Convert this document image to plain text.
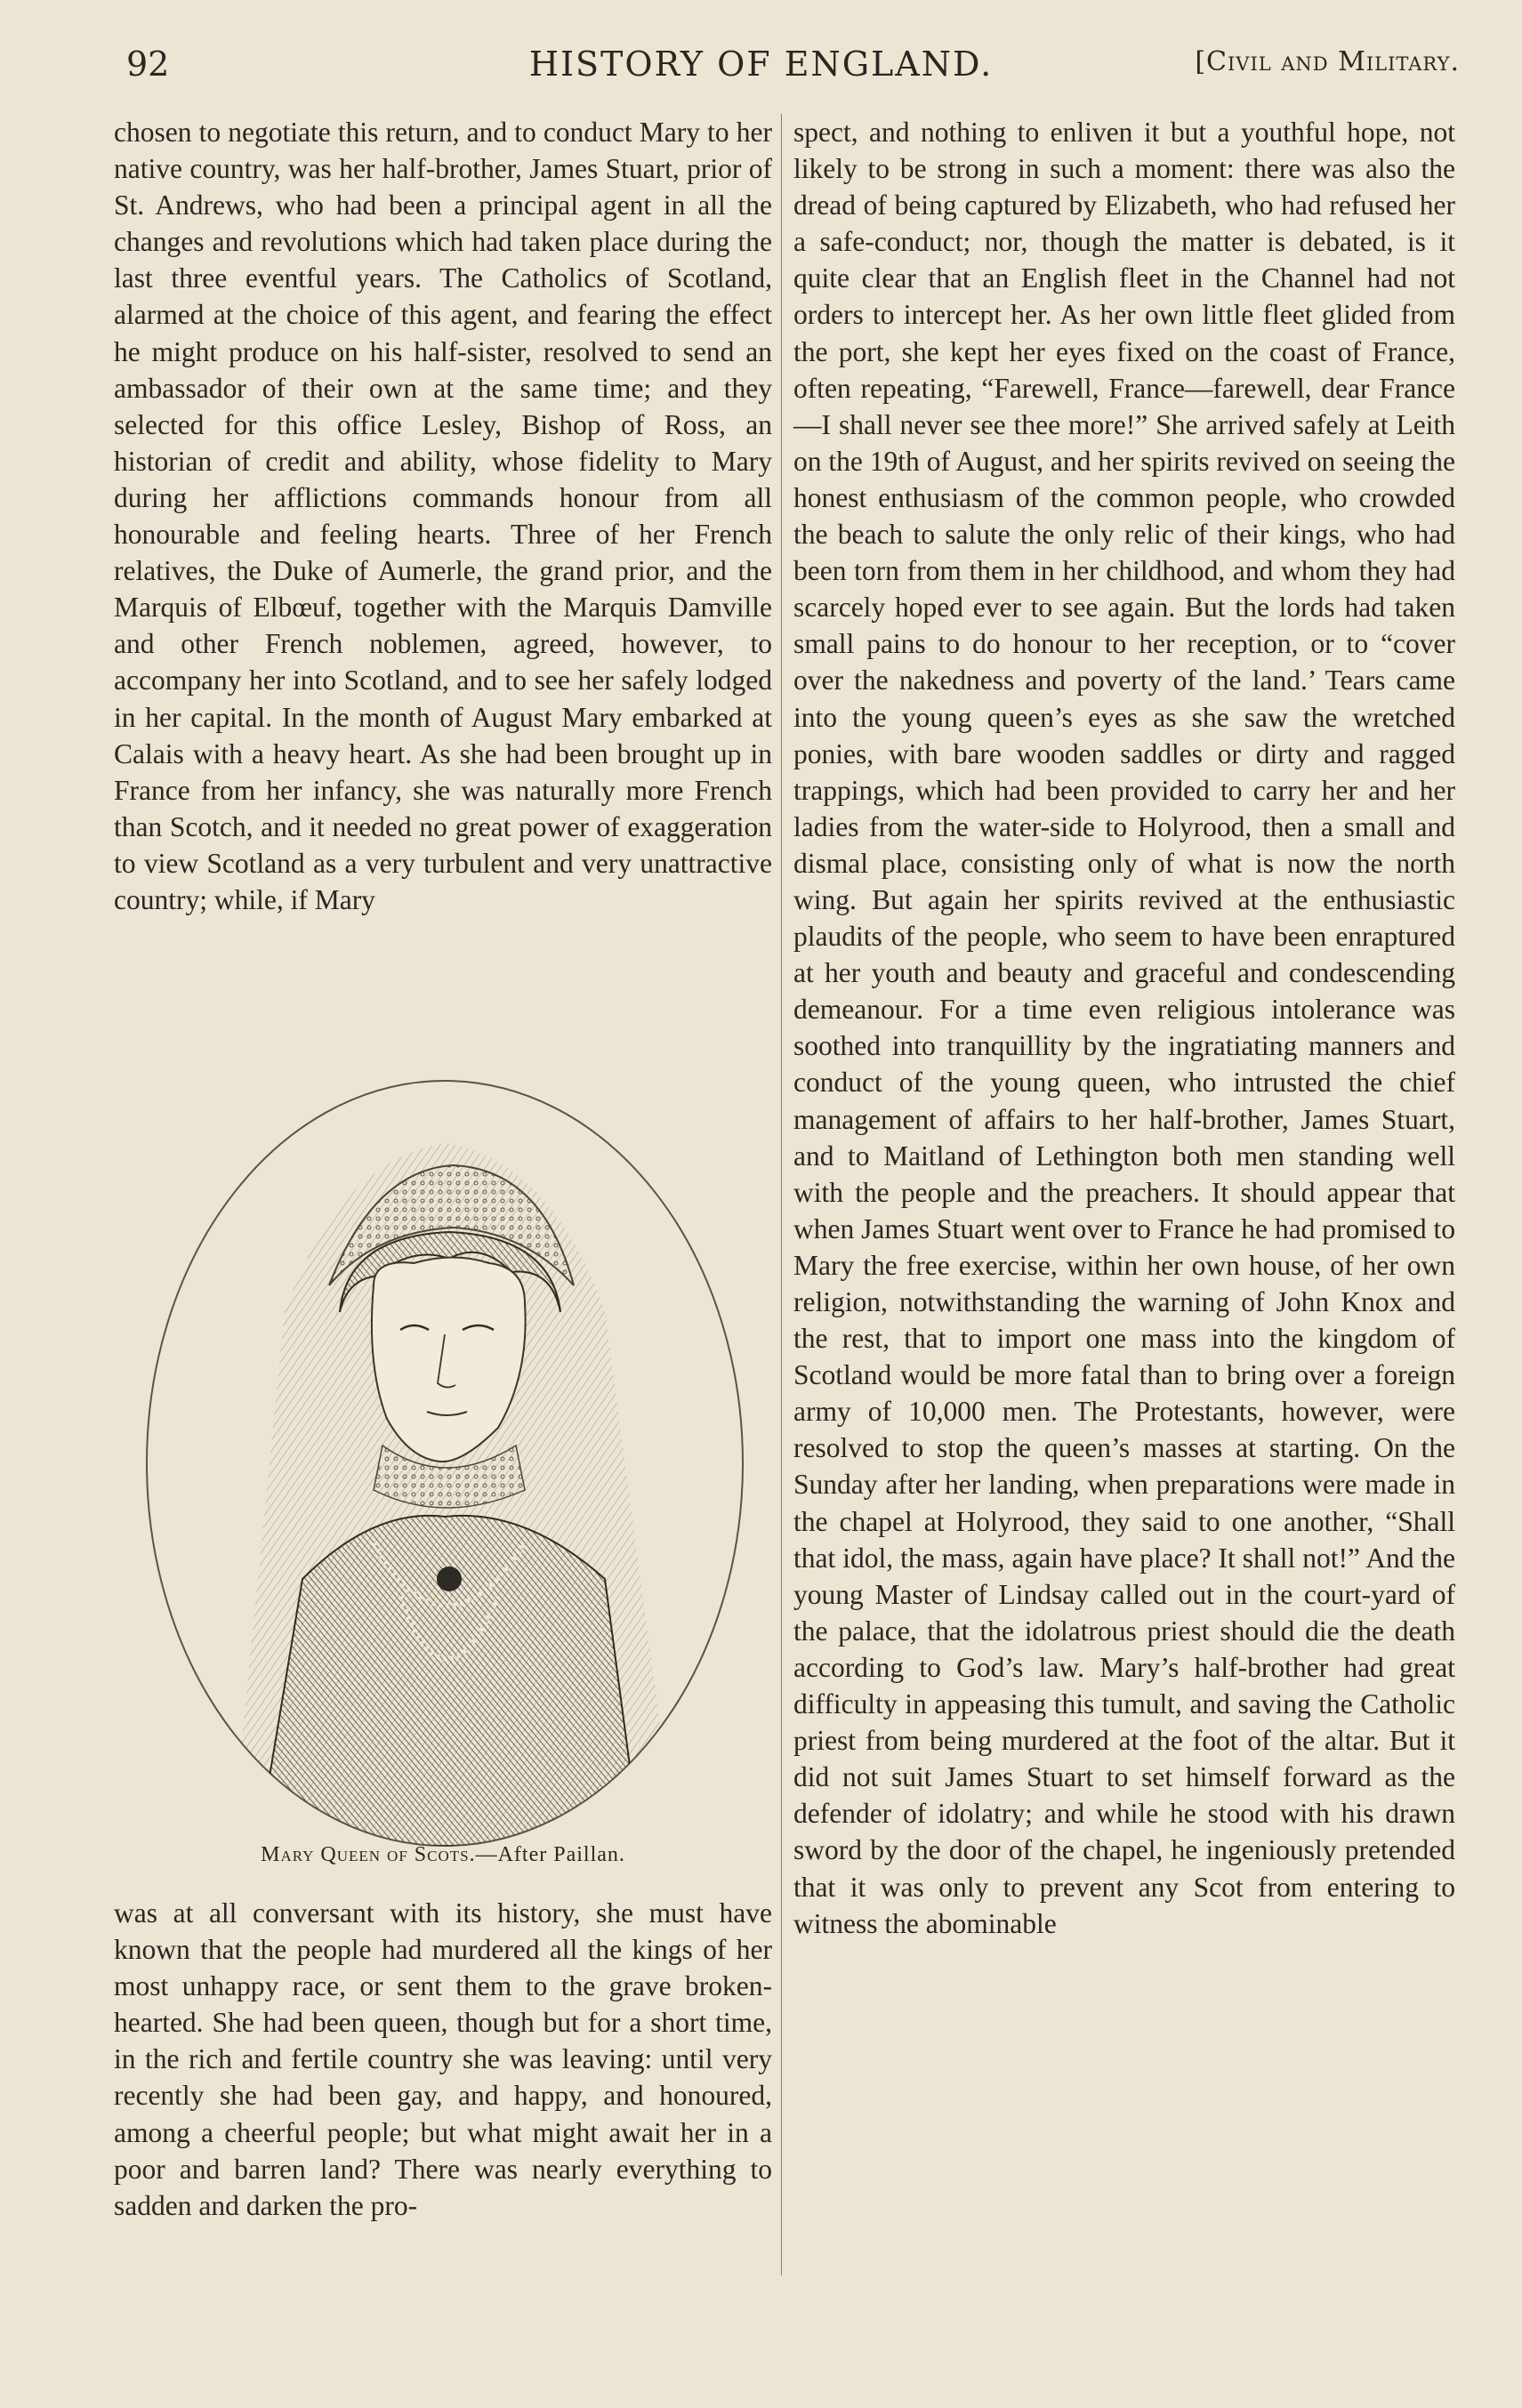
92	HISTORY OF ENGLAND.	[Civil and Military.

chosen to negotiate this return, and to conduct Mary to her native country, was her half-brother, James Stuart, prior of St. Andrews, who had been a principal agent in all the changes and revolutions which had taken place during the last three eventful years. The Catholics of Scotland, alarmed at the choice of this agent, and fearing the effect he might produce on his half-sister, resolved to send an ambassador of their own at the same time; and they selected for this office Lesley, Bishop of Ross, an historian of credit and ability, whose fidelity to Mary during her afflictions commands honour from all honourable and feeling hearts. Three of her French relatives, the Duke of Aumerle, the grand prior, and the Marquis of Elbœuf, together with the Marquis Damville and other French noblemen, agreed, however, to accompany her into Scotland, and to see her safely lodged in her capital. In the month of August Mary embarked at Calais with a heavy heart. As she had been brought up in France from her infancy, she was naturally more French than Scotch, and it needed no great power of exaggeration to view Scotland as a very turbulent and very unattractive country; while, if Mary

Mary Queen of Scots.—After Paillan.

was at all conversant with its history, she must have known that the people had murdered all the kings of her most unhappy race, or sent them to the grave broken-hearted. She had been queen, though but for a short time, in the rich and fertile country she was leaving: until very recently she had been gay, and happy, and honoured, among a cheerful people; but what might await her in a poor and barren land? There was nearly everything to sadden and darken the pro-

spect, and nothing to enliven it but a youthful hope, not likely to be strong in such a moment: there was also the dread of being captured by Elizabeth, who had refused her a safe-conduct; nor, though the matter is debated, is it quite clear that an English fleet in the Channel had not orders to intercept her. As her own little fleet glided from the port, she kept her eyes fixed on the coast of France, often repeating, “Farewell, France—farewell, dear France—I shall never see thee more!” She arrived safely at Leith on the 19th of August, and her spirits revived on seeing the honest enthusiasm of the common people, who crowded the beach to salute the only relic of their kings, who had been torn from them in her childhood, and whom they had scarcely hoped ever to see again. But the lords had taken small pains to do honour to her reception, or to “cover over the nakedness and poverty of the land.’ Tears came into the young queen’s eyes as she saw the wretched ponies, with bare wooden saddles or dirty and ragged trappings, which had been provided to carry her and her ladies from the water-side to Holyrood, then a small and dismal place, consisting only of what is now the north wing. But again her spirits revived at the enthusiastic plaudits of the people, who seem to have been enraptured at her youth and beauty and graceful and condescending demeanour. For a time even religious intolerance was soothed into tranquillity by the ingratiating manners and conduct of the young queen, who intrusted the chief management of affairs to her half-brother, James Stuart, and to Maitland of Lethington both men standing well with the people and the preachers. It should appear that when James Stuart went over to France he had promised to Mary the free exercise, within her own house, of her own religion, notwithstanding the warning of John Knox and the rest, that to import one mass into the kingdom of Scotland would be more fatal than to bring over a foreign army of 10,000 men. The Protestants, however, were resolved to stop the queen’s masses at starting. On the Sunday after her landing, when preparations were made in the chapel at Holyrood, they said to one another, “Shall that idol, the mass, again have place? It shall not!” And the young Master of Lindsay called out in the court-yard of the palace, that the idolatrous priest should die the death according to God’s law. Mary’s half-brother had great difficulty in appeasing this tumult, and saving the Catholic priest from being murdered at the foot of the altar. But it did not suit James Stuart to set himself forward as the defender of idolatry; and while he stood with his drawn sword by the door of the chapel, he ingeniously pretended that it was only to prevent any Scot from entering to witness the abominable
